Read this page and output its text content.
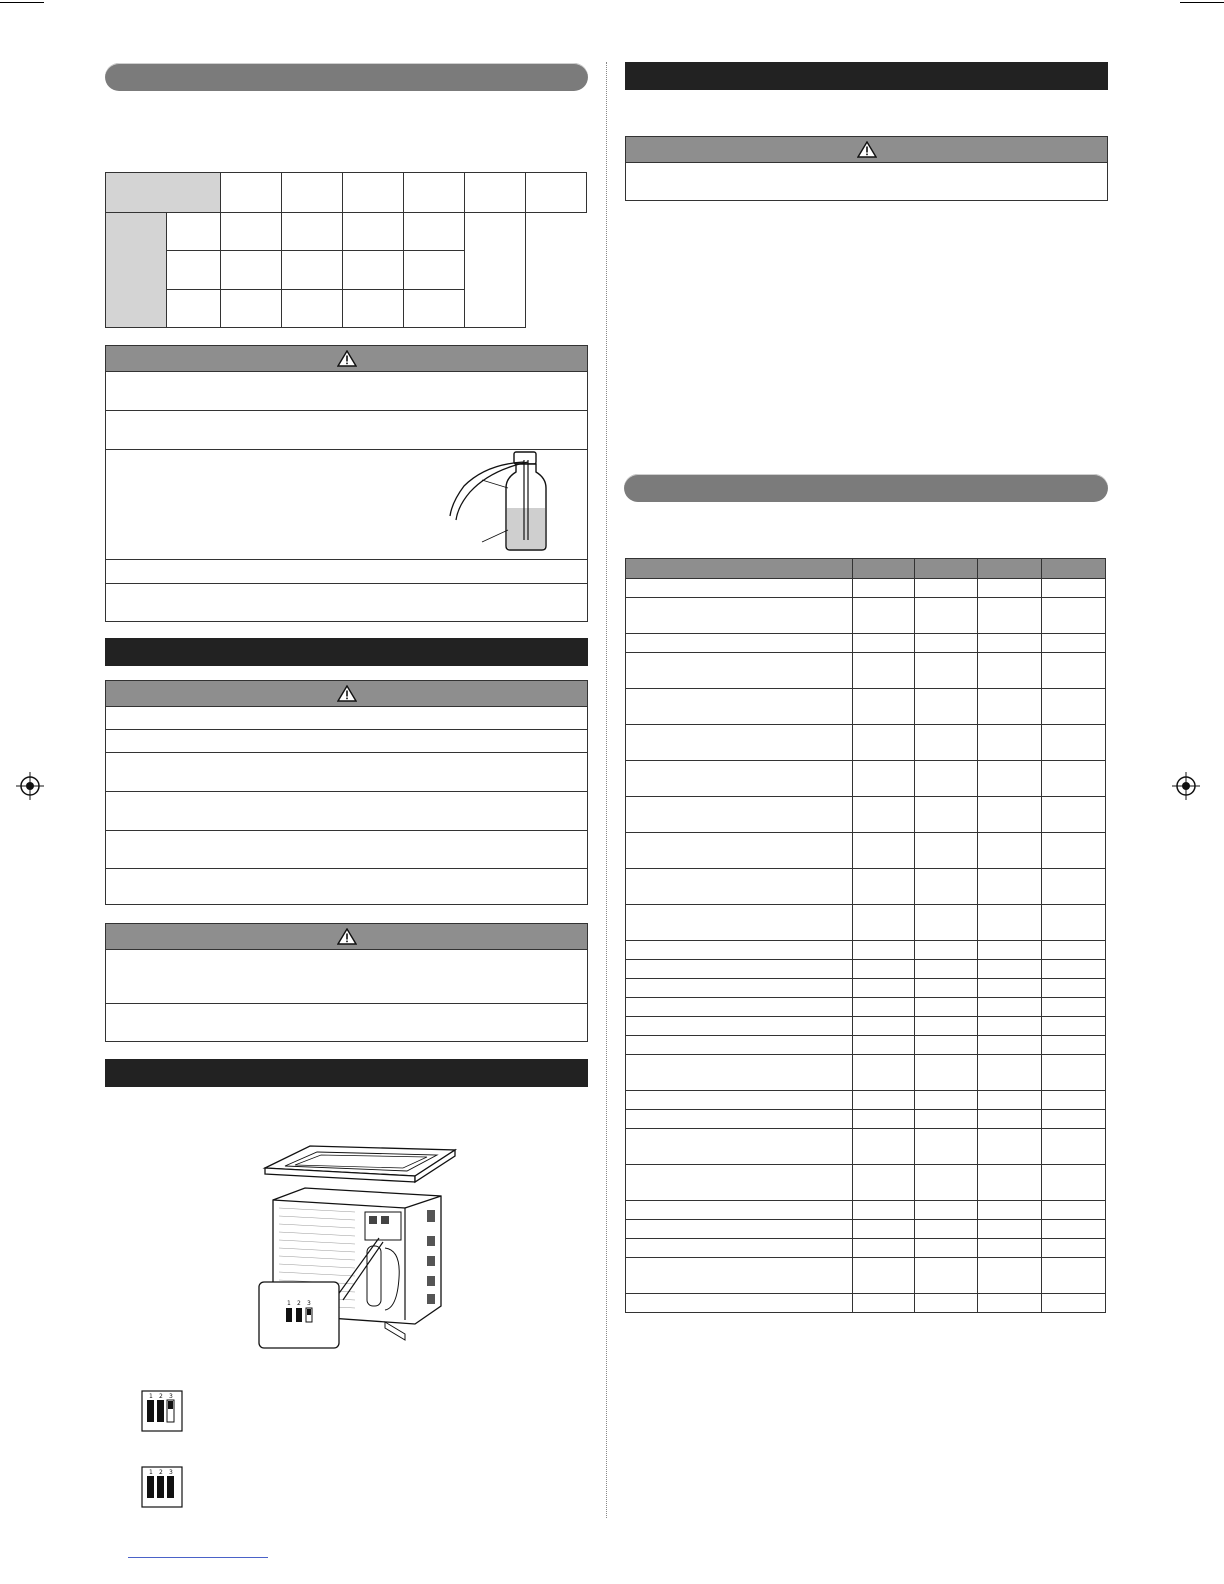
1 2 3
1 2 3
1 2 3
